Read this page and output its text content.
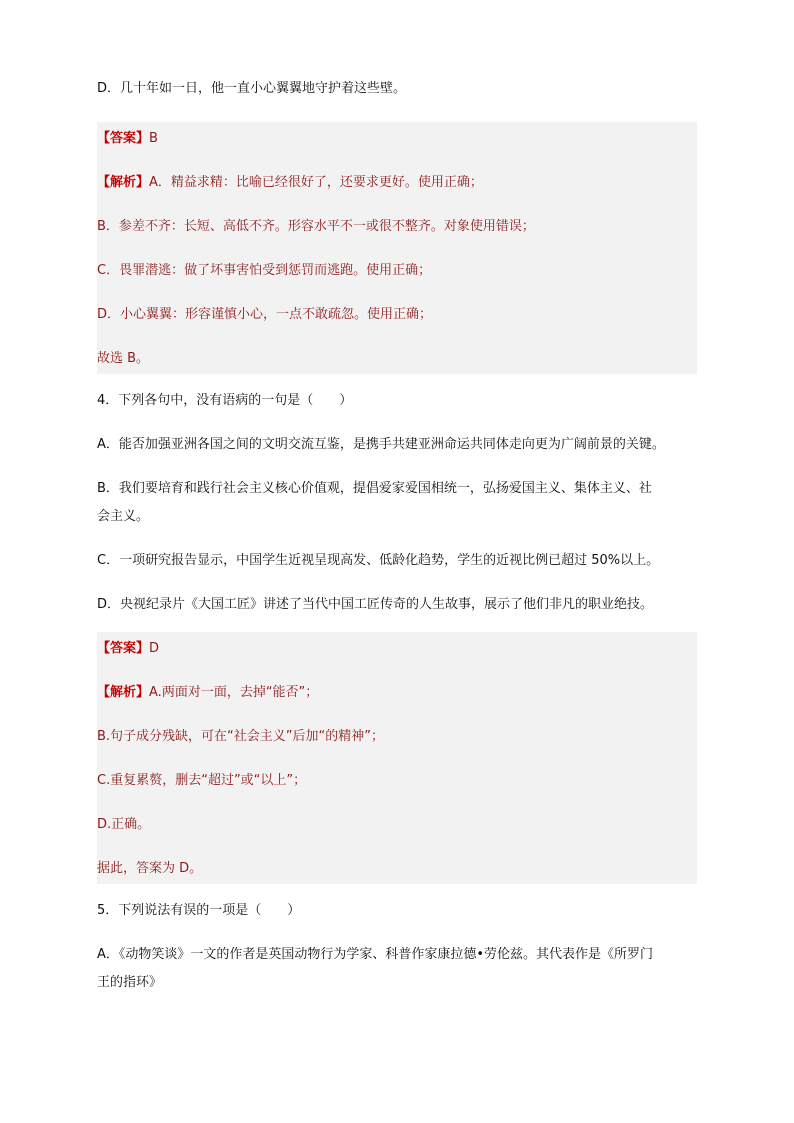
D．几十年如一日，他一直小心翼翼地守护着这些壁。

【答案】B

【解析】A．精益求精：比喻已经很好了，还要求更好。使用正确；

B．参差不齐：长短、高低不齐。形容水平不一或很不整齐。对象使用错误；

C．畏罪潜逃：做了坏事害怕受到惩罚而逃跑。使用正确；

D．小心翼翼：形容谨慎小心，一点不敢疏忽。使用正确；

故选 B。

4．下列各句中，没有语病的一句是（　　）

A．能否加强亚洲各国之间的文明交流互鉴，是携手共建亚洲命运共同体走向更为广阔前景的关键。

B．我们要培育和践行社会主义核心价值观，提倡爱家爱国相统一，弘扬爱国主义、集体主义、社

会主义。

C．一项研究报告显示，中国学生近视呈现高发、低龄化趋势，学生的近视比例已超过 50%以上。

D．央视纪录片《大国工匠》讲述了当代中国工匠传奇的人生故事，展示了他们非凡的职业绝技。

【答案】D

【解析】A.两面对一面，去掉“能否”；

B.句子成分残缺，可在“社会主义”后加“的精神”；

C.重复累赘，删去“超过”或“以上”；

D.正确。

据此，答案为 D。

5．下列说法有误的一项是（　　）

A．《动物笑谈》一文的作者是英国动物行为学家、科普作家康拉德•劳伦兹。其代表作是《所罗门

王的指环》
